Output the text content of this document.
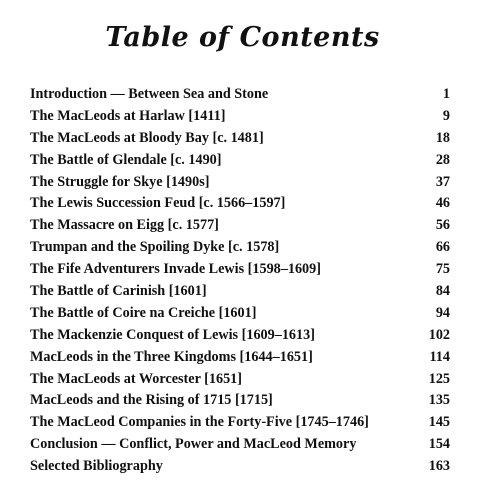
Table of Contents
Introduction — Between Sea and Stone	1
The MacLeods at Harlaw [1411]	9
The MacLeods at Bloody Bay [c. 1481]	18
The Battle of Glendale [c. 1490]	28
The Struggle for Skye [1490s]	37
The Lewis Succession Feud [c. 1566–1597]	46
The Massacre on Eigg [c. 1577]	56
Trumpan and the Spoiling Dyke [c. 1578]	66
The Fife Adventurers Invade Lewis [1598–1609]	75
The Battle of Carinish [1601]	84
The Battle of Coire na Creiche [1601]	94
The Mackenzie Conquest of Lewis [1609–1613]	102
MacLeods in the Three Kingdoms [1644–1651]	114
The MacLeods at Worcester [1651]	125
MacLeods and the Rising of 1715 [1715]	135
The MacLeod Companies in the Forty-Five [1745–1746]	145
Conclusion — Conflict, Power and MacLeod Memory	154
Selected Bibliography	163
